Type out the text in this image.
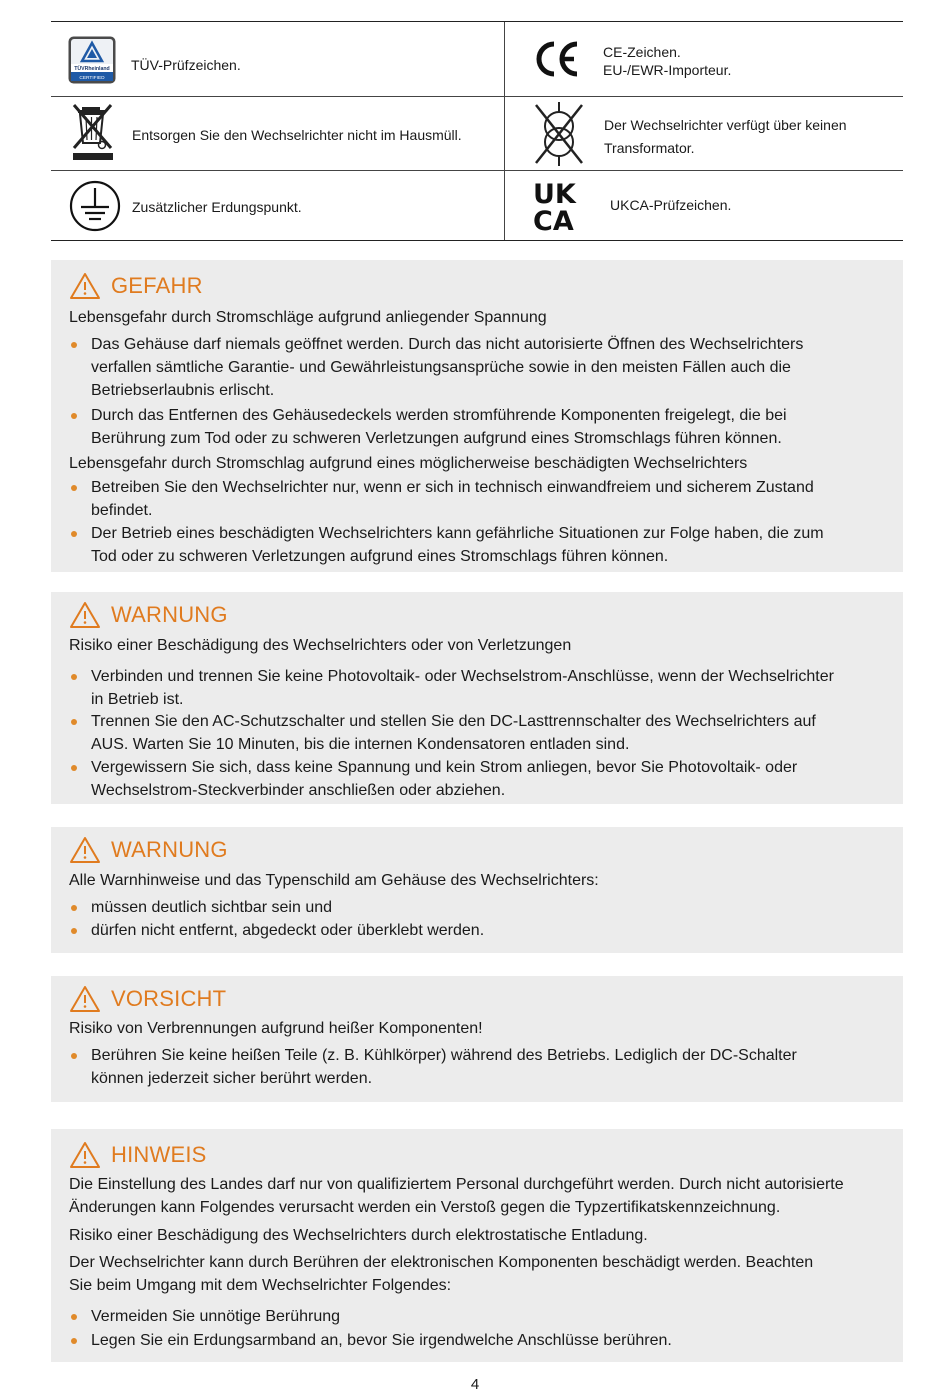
TÜVRheinland
CERTIFIED
TÜV-Prüfzeichen.
CE-Zeichen.
EU-/EWR-Importeur.
Entsorgen Sie den Wechselrichter nicht im Hausmüll.
Der Wechselrichter verfügt über keinen
Transformator.
Zusätzlicher Erdungspunkt.	UK
CA
UKCA-Prüfzeichen.
GEFAHR
Lebensgefahr durch Stromschläge aufgrund anliegender Spannung
Das Gehäuse darf niemals geöffnet werden. Durch das nicht autorisierte Öffnen des Wechselrichters
verfallen sämtliche Garantie- und Gewährleistungsansprüche sowie in den meisten Fällen auch die
Betriebserlaubnis erlischt.
Durch das Entfernen des Gehäusedeckels werden stromführende Komponenten freigelegt, die bei
Berührung zum Tod oder zu schweren Verletzungen aufgrund eines Stromschlags führen können.
Lebensgefahr durch Stromschlag aufgrund eines möglicherweise beschädigten Wechselrichters
Betreiben Sie den Wechselrichter nur, wenn er sich in technisch einwandfreiem und sicherem Zustand
befindet.
Der Betrieb eines beschädigten Wechselrichters kann gefährliche Situationen zur Folge haben, die zum
Tod oder zu schweren Verletzungen aufgrund eines Stromschlags führen können.
WARNUNG
Risiko einer Beschädigung des Wechselrichters oder von Verletzungen
Verbinden und trennen Sie keine Photovoltaik- oder Wechselstrom-Anschlüsse, wenn der Wechselrichter
in Betrieb ist.
Trennen Sie den AC-Schutzschalter und stellen Sie den DC-Lasttrennschalter des Wechselrichters auf
AUS. Warten Sie 10 Minuten, bis die internen Kondensatoren entladen sind.
Vergewissern Sie sich, dass keine Spannung und kein Strom anliegen, bevor Sie Photovoltaik- oder
Wechselstrom-Steckverbinder anschließen oder abziehen.
WARNUNG
Alle Warnhinweise und das Typenschild am Gehäuse des Wechselrichters:
müssen deutlich sichtbar sein und
dürfen nicht entfernt, abgedeckt oder überklebt werden.
VORSICHT
Risiko von Verbrennungen aufgrund heißer Komponenten!
Berühren Sie keine heißen Teile (z. B. Kühlkörper) während des Betriebs. Lediglich der DC-Schalter
können jederzeit sicher berührt werden.
HINWEIS
Die Einstellung des Landes darf nur von qualifiziertem Personal durchgeführt werden. Durch nicht autorisierte
Änderungen kann Folgendes verursacht werden ein Verstoß gegen die Typzertifikatskennzeichnung.
Risiko einer Beschädigung des Wechselrichters durch elektrostatische Entladung.
Der Wechselrichter kann durch Berühren der elektronischen Komponenten beschädigt werden. Beachten
Sie beim Umgang mit dem Wechselrichter Folgendes:
Vermeiden Sie unnötige Berührung
Legen Sie ein Erdungsarmband an, bevor Sie irgendwelche Anschlüsse berühren.
4
